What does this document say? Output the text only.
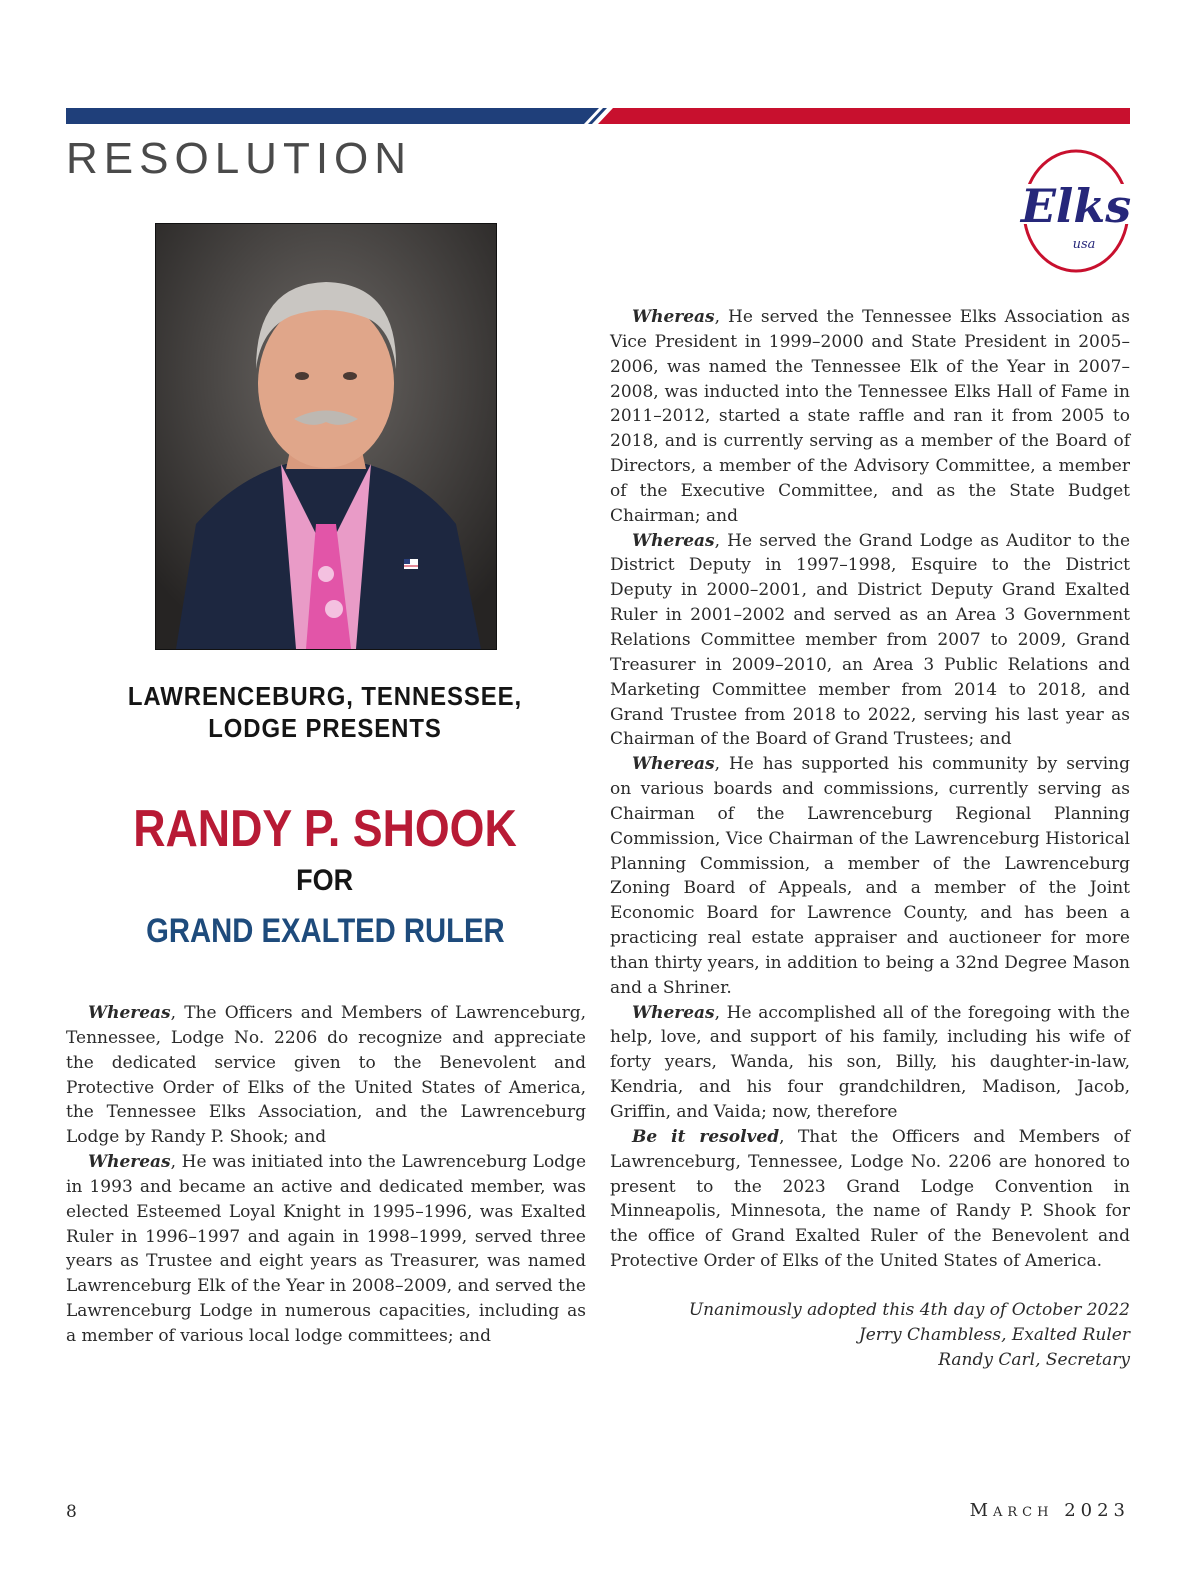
RESOLUTION
Elks
usa
LAWRENCEBURG, TENNESSEE,
LODGE PRESENTS
RANDY P. SHOOK
FOR
GRAND EXALTED RULER

Whereas, The Officers and Members of Lawrenceburg, Tennessee, Lodge No. 2206 do recognize and appreciate the dedicated service given to the Benevolent and Protective Order of Elks of the United States of America, the Tennessee Elks Association, and the Lawrenceburg Lodge by Randy P. Shook; and

Whereas, He was initiated into the Lawrenceburg Lodge in 1993 and became an active and dedicated member, was elected Esteemed Loyal Knight in 1995–1996, was Exalted Ruler in 1996–1997 and again in 1998–1999, served three years as Trustee and eight years as Treasurer, was named Lawrenceburg Elk of the Year in 2008–2009, and served the Lawrenceburg Lodge in numerous capacities, including as a member of various local lodge committees; and

Whereas, He served the Tennessee Elks Association as Vice President in 1999–2000 and State President in 2005–2006, was named the Tennessee Elk of the Year in 2007–2008, was inducted into the Tennessee Elks Hall of Fame in 2011–2012, started a state raffle and ran it from 2005 to 2018, and is currently serving as a member of the Board of Directors, a member of the Advisory Committee, a member of the Executive Committee, and as the State Budget Chairman; and

Whereas, He served the Grand Lodge as Auditor to the District Deputy in 1997–1998, Esquire to the District Deputy in 2000–2001, and District Deputy Grand Exalted Ruler in 2001–2002 and served as an Area 3 Government Relations Committee member from 2007 to 2009, Grand Treasurer in 2009–2010, an Area 3 Public Relations and Marketing Committee member from 2014 to 2018, and Grand Trustee from 2018 to 2022, serving his last year as Chairman of the Board of Grand Trustees; and

Whereas, He has supported his community by serving on various boards and commissions, currently serving as Chairman of the Lawrenceburg Regional Planning Commission, Vice Chairman of the Lawrenceburg Historical Planning Commission, a member of the Lawrenceburg Zoning Board of Appeals, and a member of the Joint Economic Board for Lawrence County, and has been a practicing real estate appraiser and auctioneer for more than thirty years, in addition to being a 32nd Degree Mason and a Shriner.

Whereas, He accomplished all of the foregoing with the help, love, and support of his family, including his wife of forty years, Wanda, his son, Billy, his daughter-in-law, Kendria, and his four grandchildren, Madison, Jacob, Griffin, and Vaida; now, therefore

Be it resolved, That the Officers and Members of Lawrenceburg, Tennessee, Lodge No. 2206 are honored to present to the 2023 Grand Lodge Convention in Minneapolis, Minnesota, the name of Randy P. Shook for the office of Grand Exalted Ruler of the Benevolent and Protective Order of Elks of the United States of America.

Unanimously adopted this 4th day of October 2022
Jerry Chambless, Exalted Ruler
Randy Carl, Secretary
8	March 2023
